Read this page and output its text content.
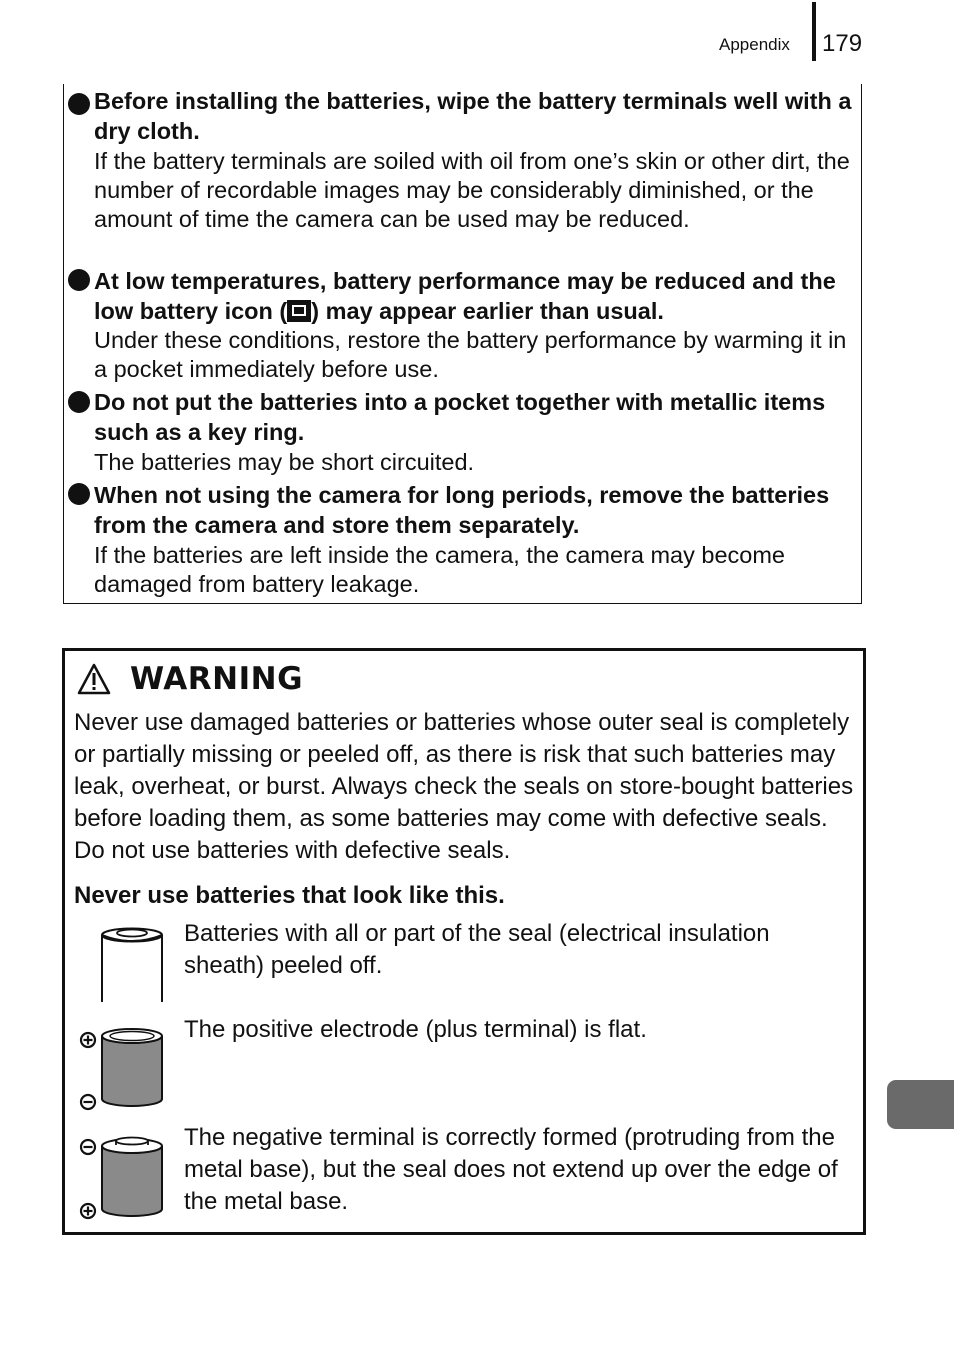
Appendix 179

Before installing the batteries, wipe the battery terminals well with a dry cloth.

If the battery terminals are soiled with oil from one’s skin or other dirt, the number of recordable images may be considerably diminished, or the amount of time the camera can be used may be reduced.

At low temperatures, battery performance may be reduced and the low battery icon ( ) may appear earlier than usual.

Under these conditions, restore the battery performance by warming it in a pocket immediately before use.

Do not put the batteries into a pocket together with metallic items such as a key ring.

The batteries may be short circuited.

When not using the camera for long periods, remove the batteries from the camera and store them separately.

If the batteries are left inside the camera, the camera may become damaged from battery leakage.

WARNING

Never use damaged batteries or batteries whose outer seal is completely or partially missing or peeled off, as there is risk that such batteries may leak, overheat, or burst. Always check the seals on store-bought batteries before loading them, as some batteries may come with defective seals. Do not use batteries with defective seals.

Never use batteries that look like this.

Batteries with all or part of the seal (electrical insulation sheath) peeled off.
The positive electrode (plus terminal) is flat.
The negative terminal is correctly formed (protruding from the metal base), but the seal does not extend up over the edge of the metal base.
